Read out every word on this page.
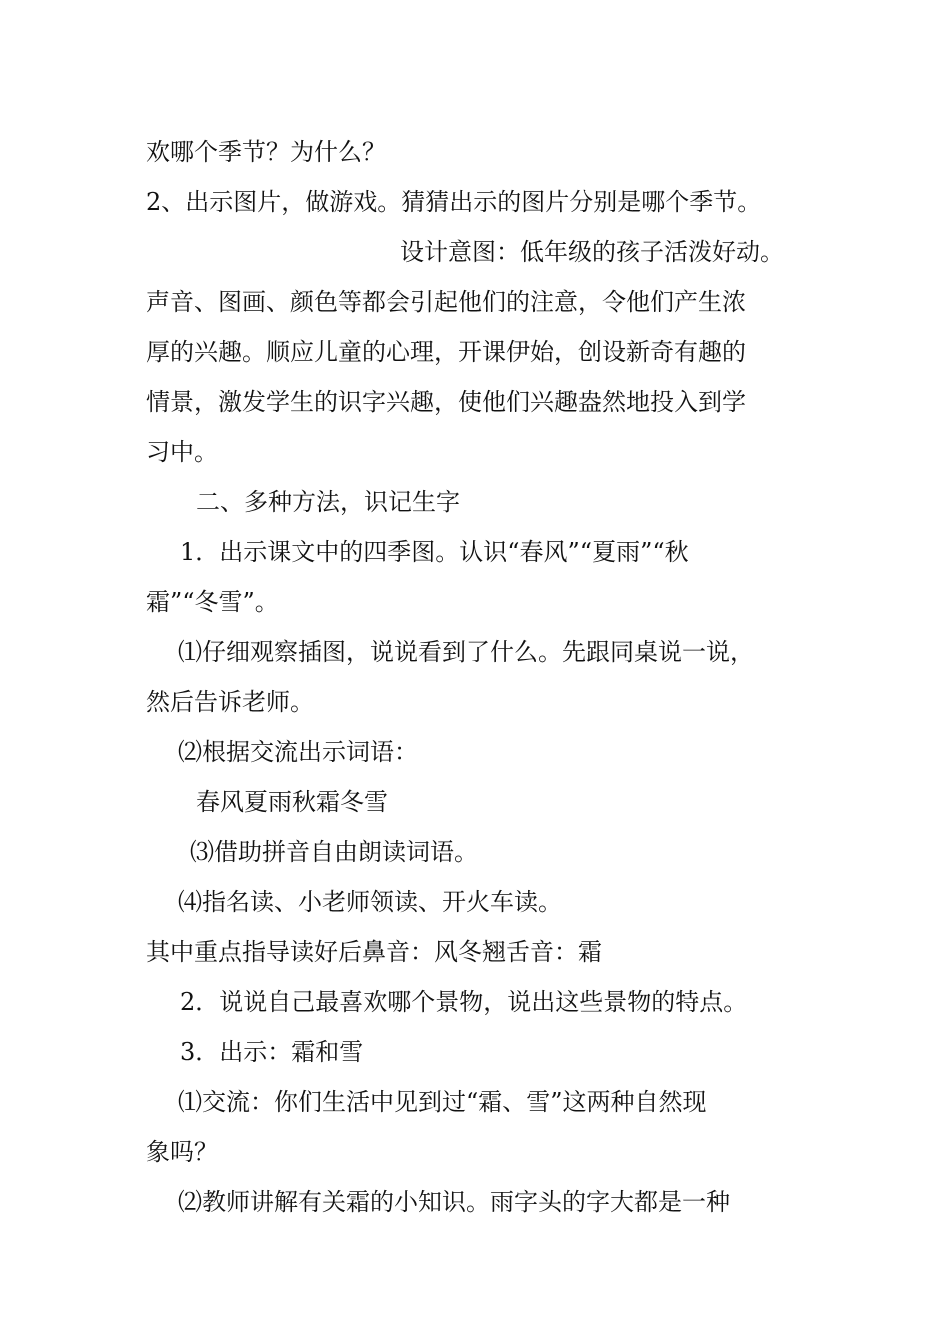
欢哪个季节？为什么？
2、出示图片，做游戏。猜猜出示的图片分别是哪个季节。
设计意图：低年级的孩子活泼好动。
声音、图画、颜色等都会引起他们的注意，令他们产生浓
厚的兴趣。顺应儿童的心理，开课伊始，创设新奇有趣的
情景，激发学生的识字兴趣，使他们兴趣盎然地投入到学
习中。
二、多种方法，识记生字
1．出示课文中的四季图。认识“春风”“夏雨”“秋
霜”“冬雪”。
⑴仔细观察插图，说说看到了什么。先跟同桌说一说，
然后告诉老师。
⑵根据交流出示词语：
春风夏雨秋霜冬雪
⑶借助拼音自由朗读词语。
⑷指名读、小老师领读、开火车读。
其中重点指导读好后鼻音：风冬翘舌音：霜
2．说说自己最喜欢哪个景物，说出这些景物的特点。
3．出示：霜和雪
⑴交流：你们生活中见到过“霜、雪”这两种自然现
象吗？
⑵教师讲解有关霜的小知识。雨字头的字大都是一种
